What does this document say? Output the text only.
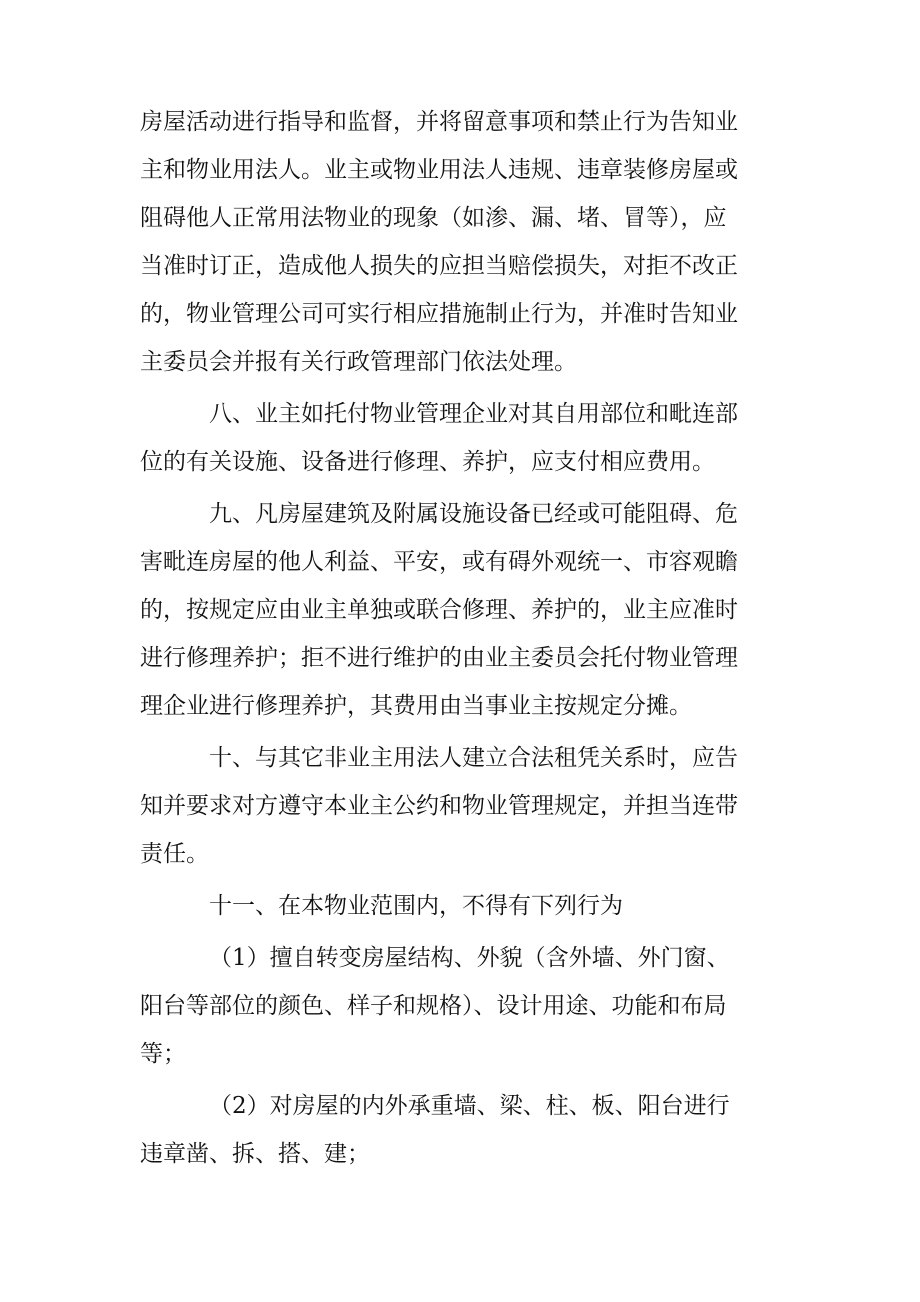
房屋活动进行指导和监督，并将留意事项和禁止行为告知业
主和物业用法人。业主或物业用法人违规、违章装修房屋或
阻碍他人正常用法物业的现象（如渗、漏、堵、冒等），应
当准时订正，造成他人损失的应担当赔偿损失，对拒不改正
的，物业管理公司可实行相应措施制止行为，并准时告知业
主委员会并报有关行政管理部门依法处理。
八、业主如托付物业管理企业对其自用部位和毗连部
位的有关设施、设备进行修理、养护，应支付相应费用。
九、凡房屋建筑及附属设施设备已经或可能阻碍、危
害毗连房屋的他人利益、平安，或有碍外观统一、市容观瞻
的，按规定应由业主单独或联合修理、养护的，业主应准时
进行修理养护；拒不进行维护的由业主委员会托付物业管理
理企业进行修理养护，其费用由当事业主按规定分摊。
十、与其它非业主用法人建立合法租凭关系时，应告
知并要求对方遵守本业主公约和物业管理规定，并担当连带
责任。
十一、在本物业范围内，不得有下列行为
（1）擅自转变房屋结构、外貌（含外墙、外门窗、
阳台等部位的颜色、样子和规格）、设计用途、功能和布局
等；
（2）对房屋的内外承重墙、梁、柱、板、阳台进行
违章凿、拆、搭、建；
